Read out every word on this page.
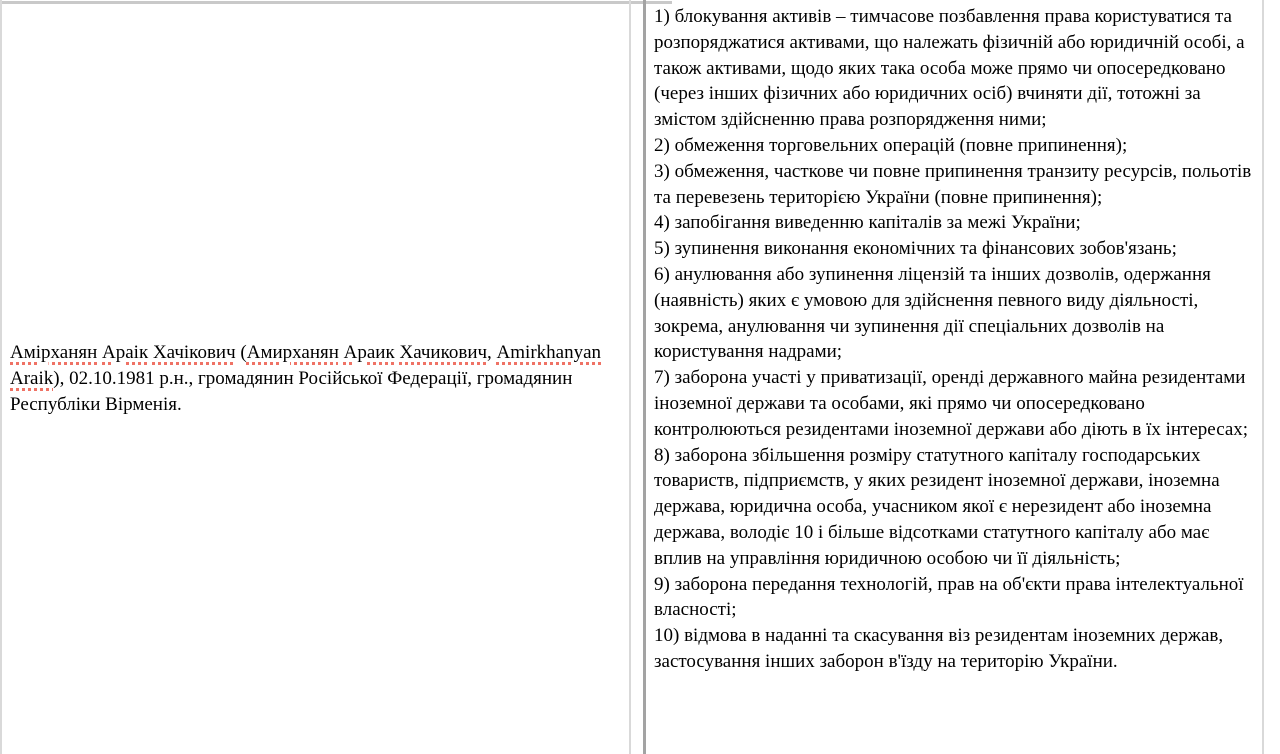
Амірханян Араік Хачікович (Амирханян Араик Хачикович, Amirkhanyan Araik), 02.10.1981 р.н., громадянин Російської Федерації, громадянин Республіки Вірменія.

1) блокування активів – тимчасове позбавлення права користуватися та розпоряджатися активами, що належать фізичній або юридичній особі, а також активами, щодо яких така особа може прямо чи опосередковано (через інших фізичних або юридичних осіб) вчиняти дії, тотожні за змістом здійсненню права розпорядження ними;

2) обмеження торговельних операцій (повне припинення);

3) обмеження, часткове чи повне припинення транзиту ресурсів, польотів та перевезень територією України (повне припинення);

4) запобігання виведенню капіталів за межі України;

5) зупинення виконання економічних та фінансових зобов'язань;

6) анулювання або зупинення ліцензій та інших дозволів, одержання (наявність) яких є умовою для здійснення певного виду діяльності, зокрема, анулювання чи зупинення дії спеціальних дозволів на користування надрами;

7) заборона участі у приватизації, оренді державного майна резидентами іноземної держави та особами, які прямо чи опосередковано контролюються резидентами іноземної держави або діють в їх інтересах;

8) заборона збільшення розміру статутного капіталу господарських товариств, підприємств, у яких резидент іноземної держави, іноземна держава, юридична особа, учасником якої є нерезидент або іноземна держава, володіє 10 і більше відсотками статутного капіталу або має вплив на управління юридичною особою чи її діяльність;

9) заборона передання технологій, прав на об'єкти права інтелектуальної власності;

10) відмова в наданні та скасування віз резидентам іноземних держав, застосування інших заборон в'їзду на територію України.
